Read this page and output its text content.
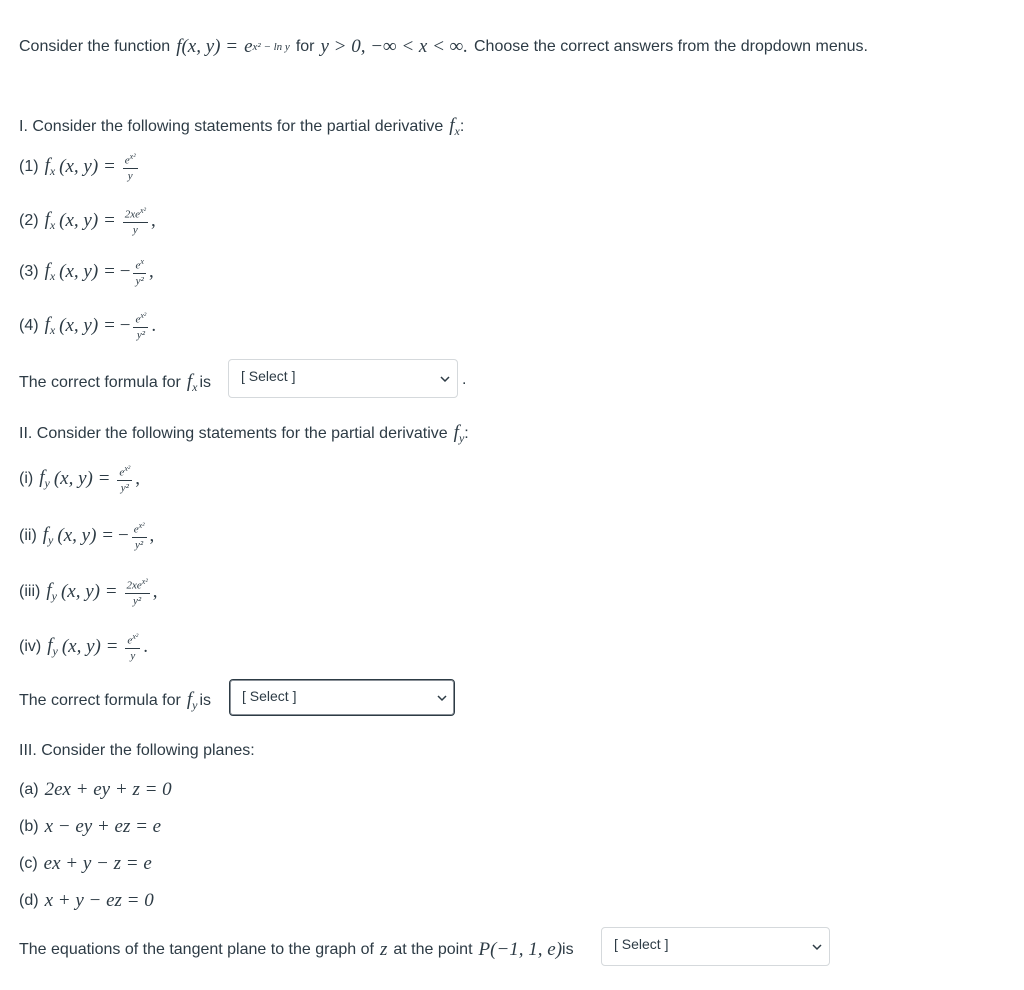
Consider the function f(x, y) = e x² − ln y for y > 0, −∞ < x < ∞. Choose the correct answers from the dropdown menus.
I. Consider the following statements for the partial derivative $f_x$ :
(1) $f_x$ (x, $y) = \frac{e^{x^2}}{y}$
(2) $f_x$ (x, $y) = \frac{2xe^{x^2}}{y}$ ,
(3) $f_x$ (x, y) = − $\frac{e^x}{\text{y²}}$ ,
(4) $f_x$ (x, y) = − $\frac{e^{x^2}}{\text{y²}}$ .
The correct formula for $f_x$ is	[ Select ]	.
II. Consider the following statements for the partial derivative $f_y$ :
(i) $f_y$ (x, $y) = \frac{e^{x^2}}{\text{y²}}$ ,
(ii) $f_y$ (x, y) = − $\frac{e^{x^2}}{\text{y²}}$ ,
(iii) $f_y$ (x, $y) = \frac{2xe^{x^2}}{\text{y²}}$ ,
(iv) $f_y$ (x, $y) = \frac{e^{x^2}}{y}$ .
The correct formula for $f_y$ is	[ Select ]
III. Consider the following planes:
(a) 2ex + ey + z = 0
(b) x − ey + ez = e
(c) ex + y − z = e
(d) x + y − ez = 0
The equations of the tangent plane to the graph of z at the point P(−1, 1, e) is	[ Select ]
